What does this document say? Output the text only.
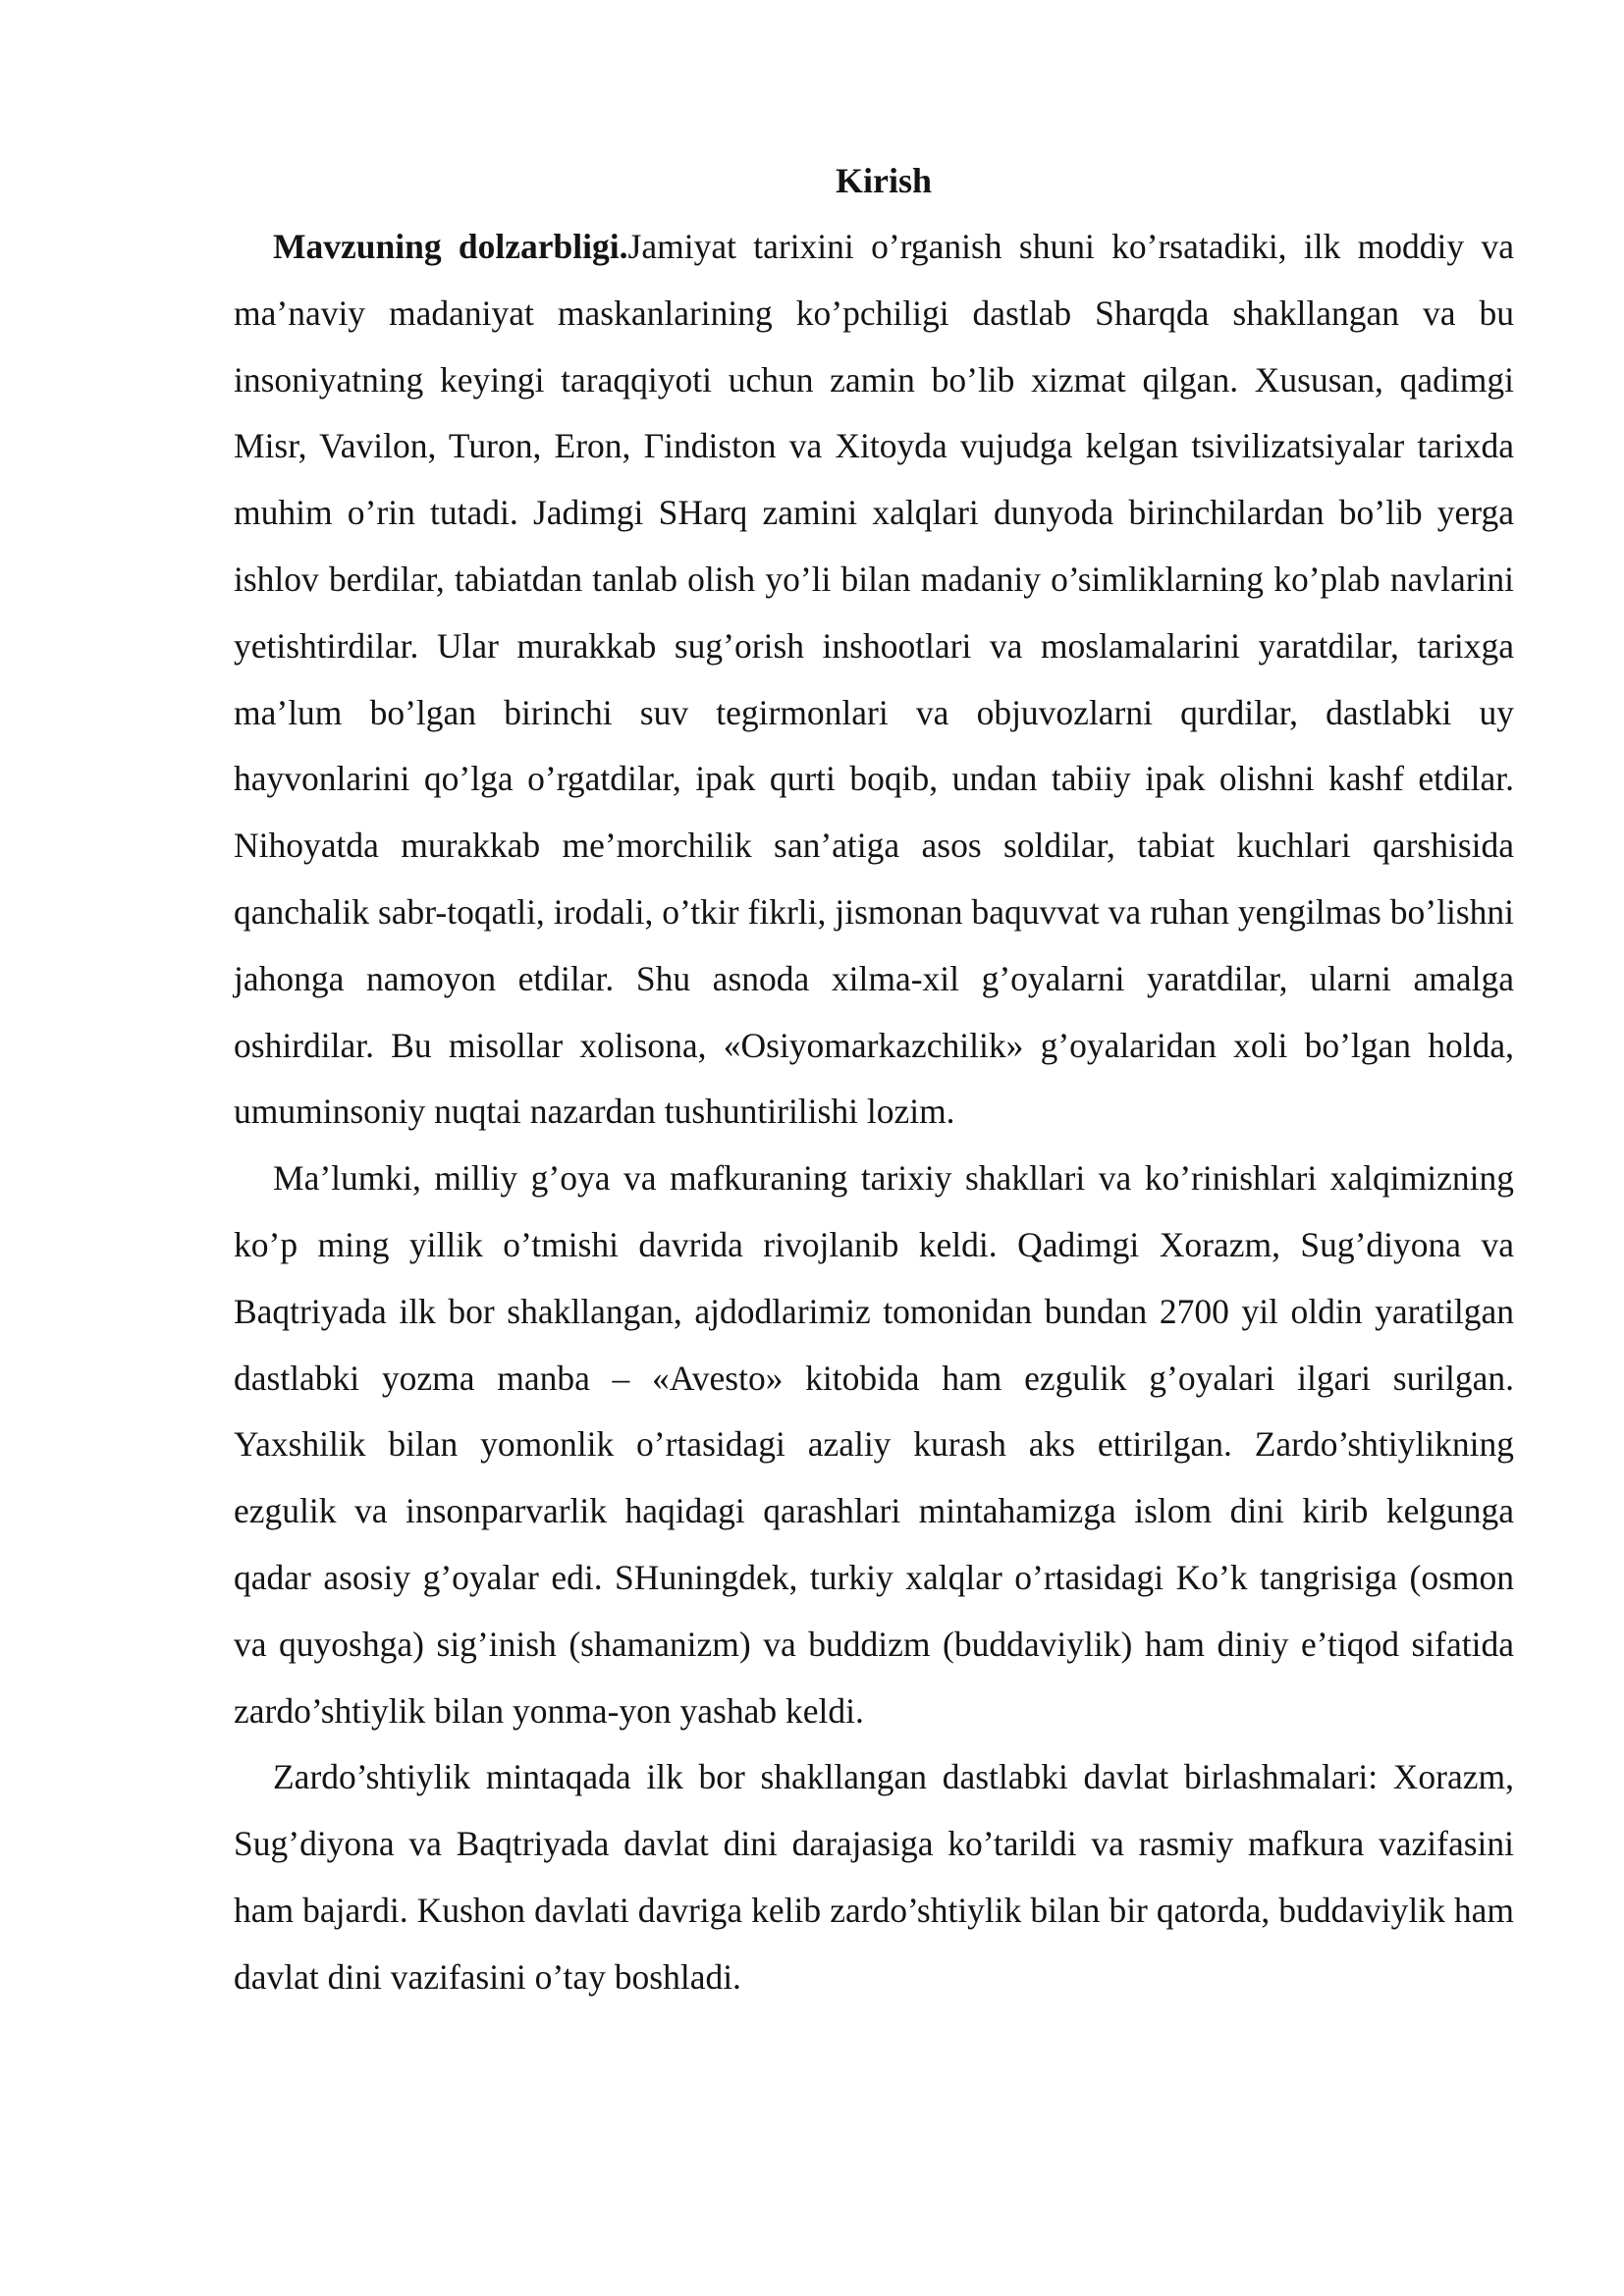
Kirish

Mavzuning dolzarbligi.Jamiyat tarixini o’rganish shuni ko’rsatadiki, ilk moddiy va ma’naviy madaniyat maskanlarining ko’pchiligi dastlab Sharqda shakllangan va bu insoniyatning keyingi taraqqiyoti uchun zamin bo’lib xizmat qilgan. Xususan, qadimgi Misr, Vavilon, Turon, Eron, Гindiston va Xitoyda vujudga kelgan tsivilizatsiyalar tarixda muhim o’rin tutadi. Jadimgi SHarq zamini xalqlari dunyoda birinchilardan bo’lib yerga ishlov berdilar, tabiatdan tanlab olish yo’li bilan madaniy o’simliklarning ko’plab navlarini yetishtirdilar. Ular murakkab sug’orish inshootlari va moslamalarini yaratdilar, tarixga ma’lum bo’lgan birinchi suv tegirmonlari va objuvozlarni qurdilar, dastlabki uy hayvonlarini qo’lga o’rgatdilar, ipak qurti boqib, undan tabiiy ipak olishni kashf etdilar. Nihoyatda murakkab me’morchilik san’atiga asos soldilar, tabiat kuchlari qarshisida qanchalik sabr-toqatli, irodali, o’tkir fikrli, jismonan baquvvat va ruhan yengilmas bo’lishni jahonga namoyon etdilar. Shu asnoda xilma-xil g’oyalarni yaratdilar, ularni amalga oshirdilar. Bu misollar xolisona, «Osiyomarkazchilik» g’oyalaridan xoli bo’lgan holda, umuminsoniy nuqtai nazardan tushuntirilishi lozim.

Ma’lumki, milliy g’oya va mafkuraning tarixiy shakllari va ko’rinishlari xalqimizning ko’p ming yillik o’tmishi davrida rivojlanib keldi. Qadimgi Xorazm, Sug’diyona va Baqtriyada ilk bor shakllangan, ajdodlarimiz tomonidan bundan 2700 yil oldin yaratilgan dastlabki yozma manba – «Avesto» kitobida ham ezgulik g’oyalari ilgari surilgan. Yaxshilik bilan yomonlik o’rtasidagi azaliy kurash aks ettirilgan. Zardo’shtiylikning ezgulik va insonparvarlik haqidagi qarashlari mintahamizga islom dini kirib kelgunga qadar asosiy g’oyalar edi. SHuningdek, turkiy xalqlar o’rtasidagi Ko’k tangrisiga (osmon va quyoshga) sig’inish (shamanizm) va buddizm (buddaviylik) ham diniy e’tiqod sifatida zardo’shtiylik bilan yonma-yon yashab keldi.

Zardo’shtiylik mintaqada ilk bor shakllangan dastlabki davlat birlashmalari: Xorazm, Sug’diyona va Baqtriyada davlat dini darajasiga ko’tarildi va rasmiy mafkura vazifasini ham bajardi. Kushon davlati davriga kelib zardo’shtiylik bilan bir qatorda, buddaviylik ham davlat dini vazifasini o’tay boshladi.
